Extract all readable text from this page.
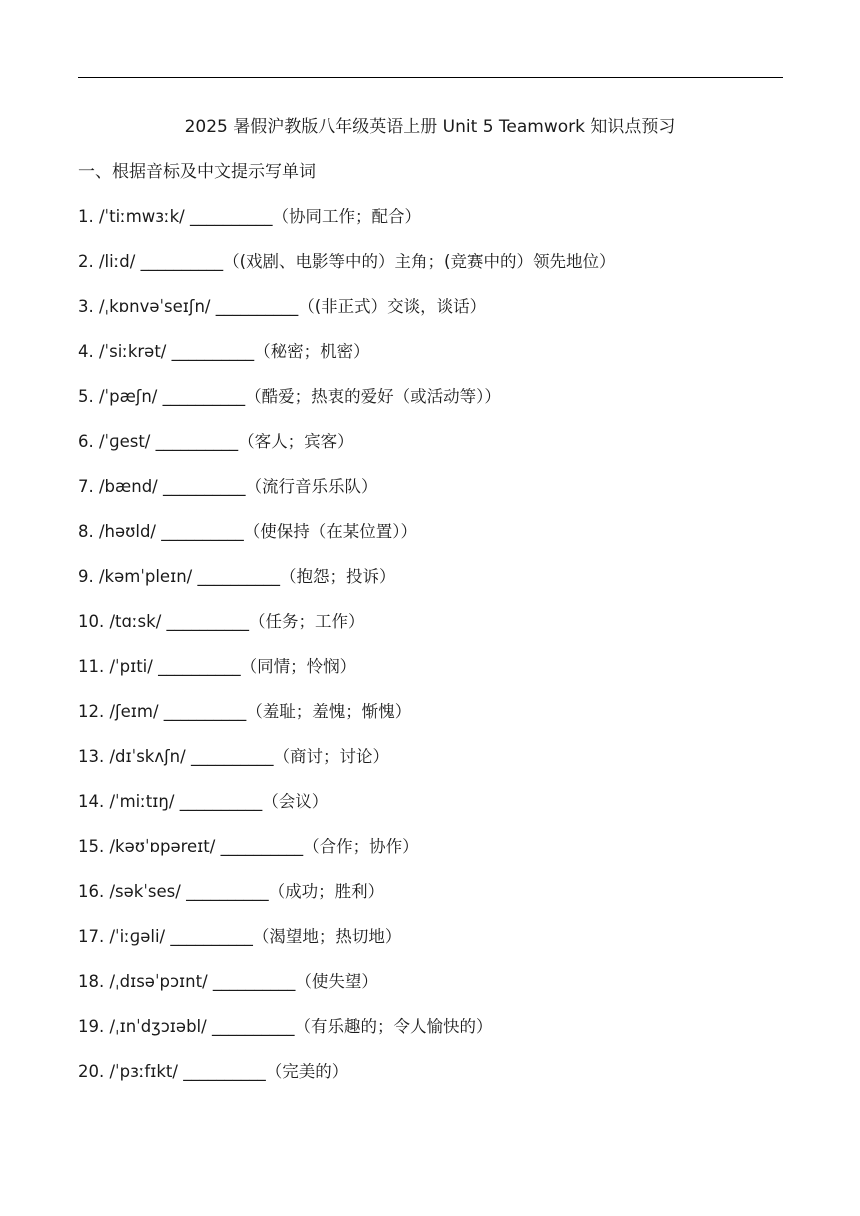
2025 暑假沪教版八年级英语上册 Unit 5 Teamwork 知识点预习
一、根据音标及中文提示写单词
1. /ˈtiːmwɜːk/ __________（协同工作；配合）
2. /liːd/ __________（(戏剧、电影等中的）主角；(竞赛中的）领先地位）
3. /ˌkɒnvəˈseɪʃn/ __________（(非正式）交谈，谈话）
4. /ˈsiːkrət/ __________（秘密；机密）
5. /ˈpæʃn/ __________（酷爱；热衷的爱好（或活动等））
6. /ˈɡest/ __________（客人；宾客）
7. /bænd/ __________（流行音乐乐队）
8. /həʊld/ __________（使保持（在某位置））
9. /kəmˈpleɪn/ __________（抱怨；投诉）
10. /tɑːsk/ __________（任务；工作）
11. /ˈpɪti/ __________（同情；怜悯）
12. /ʃeɪm/ __________（羞耻；羞愧；惭愧）
13. /dɪˈskʌʃn/ __________（商讨；讨论）
14. /ˈmiːtɪŋ/ __________（会议）
15. /kəʊˈɒpəreɪt/ __________（合作；协作）
16. /səkˈses/ __________（成功；胜利）
17. /ˈiːɡəli/ __________（渴望地；热切地）
18. /ˌdɪsəˈpɔɪnt/ __________（使失望）
19. /ˌɪnˈdʒɔɪəbl/ __________（有乐趣的；令人愉快的）
20. /ˈpɜːfɪkt/ __________（完美的）
